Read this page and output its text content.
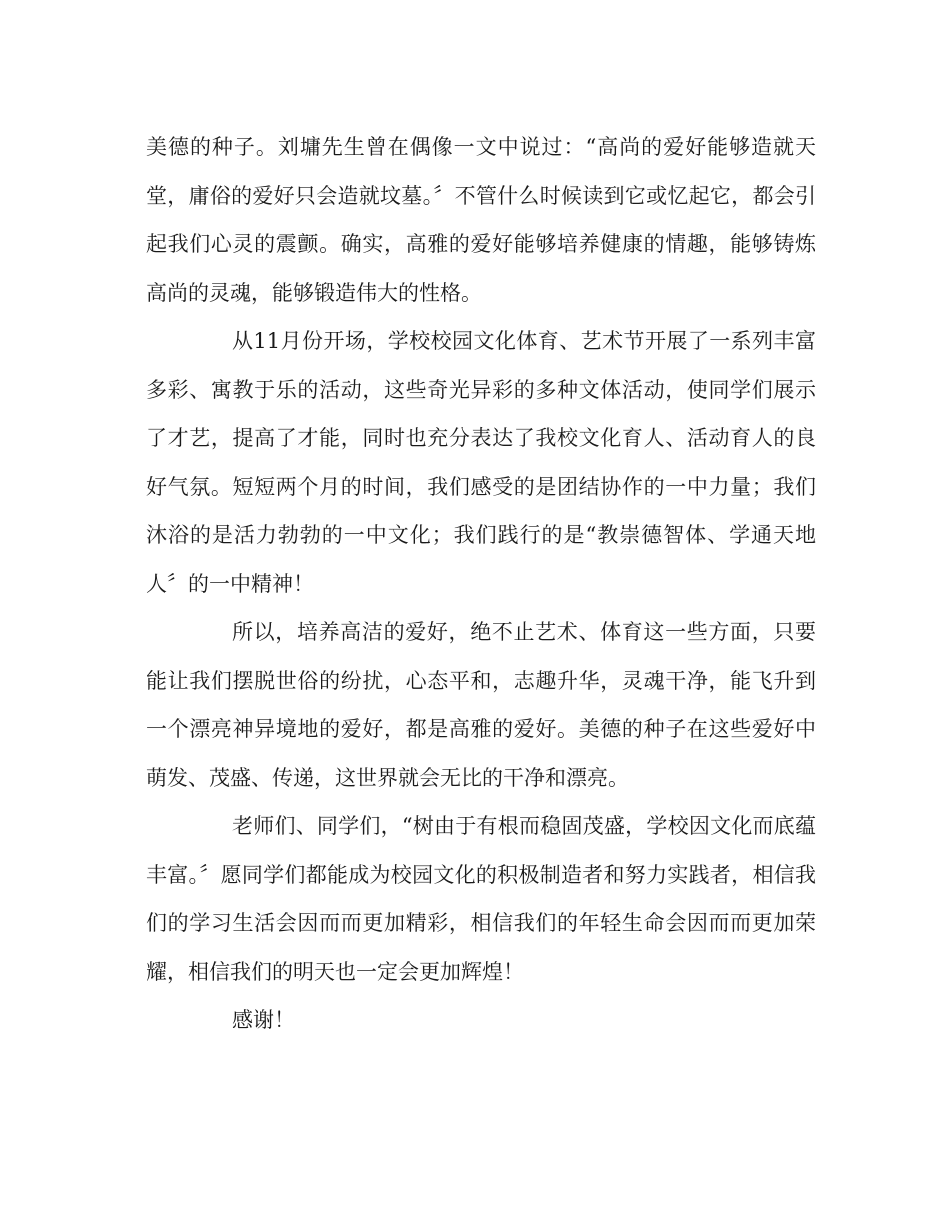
美德的种子。刘墉先生曾在偶像一文中说过：“高尚的爱好能够造就天堂，庸俗的爱好只会造就坟墓。〞不管什么时候读到它或忆起它，都会引起我们心灵的震颤。确实，高雅的爱好能够培养健康的情趣，能够铸炼高尚的灵魂，能够锻造伟大的性格。

从11月份开场，学校校园文化体育、艺术节开展了一系列丰富多彩、寓教于乐的活动，这些奇光异彩的多种文体活动，使同学们展示了才艺，提高了才能，同时也充分表达了我校文化育人、活动育人的良好气氛。短短两个月的时间，我们感受的是团结协作的一中力量；我们沐浴的是活力勃勃的一中文化；我们践行的是“教崇德智体、学通天地人〞的一中精神！

所以，培养高洁的爱好，绝不止艺术、体育这一些方面，只要能让我们摆脱世俗的纷扰，心态平和，志趣升华，灵魂干净，能飞升到一个漂亮神异境地的爱好，都是高雅的爱好。美德的种子在这些爱好中萌发、茂盛、传递，这世界就会无比的干净和漂亮。

老师们、同学们，“树由于有根而稳固茂盛，学校因文化而底蕴丰富。〞愿同学们都能成为校园文化的积极制造者和努力实践者，相信我们的学习生活会因而而更加精彩，相信我们的年轻生命会因而而更加荣耀，相信我们的明天也一定会更加辉煌！

感谢！
